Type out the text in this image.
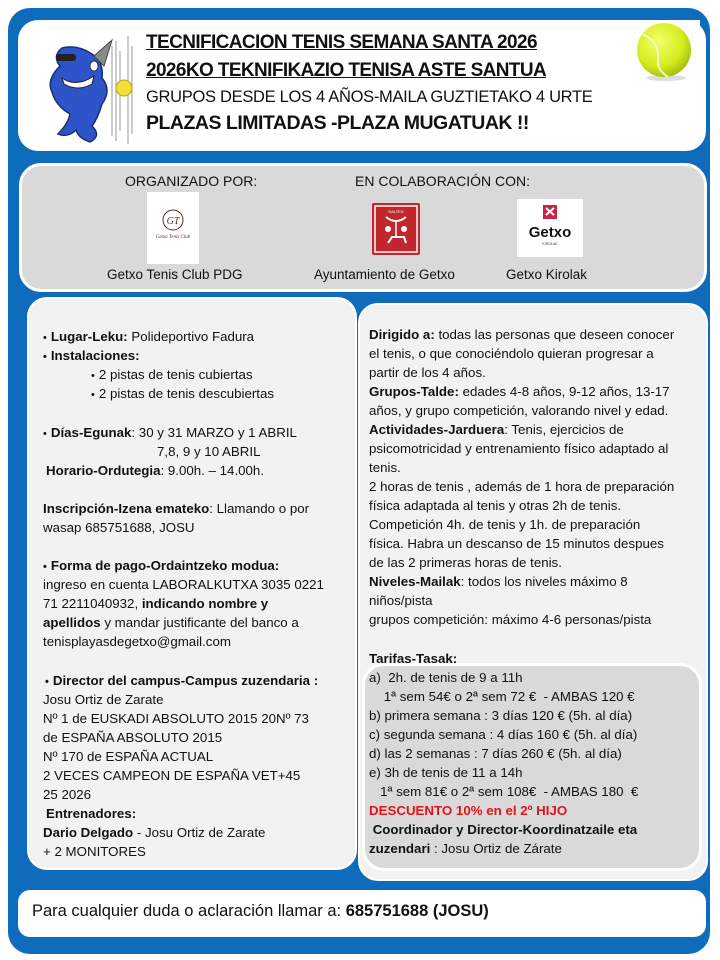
TECNIFICACION TENIS SEMANA SANTA 2026
2026KO TEKNIFIKAZIO TENISA ASTE SANTUA
GRUPOS DESDE LOS 4 AÑOS-MAILA GUZTIETAKO 4 URTE
PLAZAS LIMITADAS -PLAZA MUGATUAK !!
ORGANIZADO POR:	EN COLABORACIÓN CON:
GT
Getxo Tenis Club
KALTEA
Getxo
KIROLAK
Getxo Tenis Club PDG	Ayuntamiento de Getxo	Getxo Kirolak
• Lugar-Leku: Polideportivo Fadura
• Instalaciones:
• 2 pistas de tenis cubiertas
• 2 pistas de tenis descubiertas
• Días-Egunak: 30 y 31 MARZO y 1 ABRIL
7,8, 9 y 10 ABRIL
Horario-Ordutegia: 9.00h. – 14.00h.
Inscripción-Izena emateko: Llamando o por
wasap 685751688, JOSU
• Forma de pago-Ordaintzeko modua:
ingreso en cuenta LABORALKUTXA 3035 0221
71 2211040932, indicando nombre y
apellidos y mandar justificante del banco a
tenisplayasdegetxo@gmail.com
• Director del campus-Campus zuzendaria :
Josu Ortiz de Zarate
Nº 1 de EUSKADI ABSOLUTO 2015 20Nº 73
de ESPAÑA ABSOLUTO 2015
Nº 170 de ESPAÑA ACTUAL
2 VECES CAMPEON DE ESPAÑA VET+45
25 2026
Entrenadores:
Dario Delgado - Josu Ortiz de Zarate
+ 2 MONITORES
Dirigido a: todas las personas que deseen conocer
el tenis, o que conociéndolo quieran progresar a
partir de los 4 años.
Grupos-Talde: edades 4-8 años, 9-12 años, 13-17
años, y grupo competición, valorando nivel y edad.
Actividades-Jarduera: Tenis, ejercicios de
psicomotricidad y entrenamiento físico adaptado al
tenis.
2 horas de tenis , además de 1 hora de preparación
física adaptada al tenis y otras 2h de tenis.
Competición 4h. de tenis y 1h. de preparación
física. Habra un descanso de 15 minutos despues
de las 2 primeras horas de tenis.
Niveles-Mailak: todos los niveles máximo 8
niños/pista
grupos competición: máximo 4-6 personas/pista
Tarifas-Tasak:
a)  2h. de tenis de 9 a 11h
1ª sem 54€ o 2ª sem 72 €  - AMBAS 120 €
b) primera semana : 3 días 120 € (5h. al día)
c) segunda semana : 4 días 160 € (5h. al día)
d) las 2 semanas : 7 días 260 € (5h. al día)
e) 3h de tenis de 11 a 14h
1ª sem 81€ o 2ª sem 108€  - AMBAS 180  €
DESCUENTO 10% en el 2º HIJO
Coordinador y Director-Koordinatzaile eta
zuzendari : Josu Ortiz de Zárate
Para cualquier duda o aclaración llamar a: 685751688 (JOSU)
